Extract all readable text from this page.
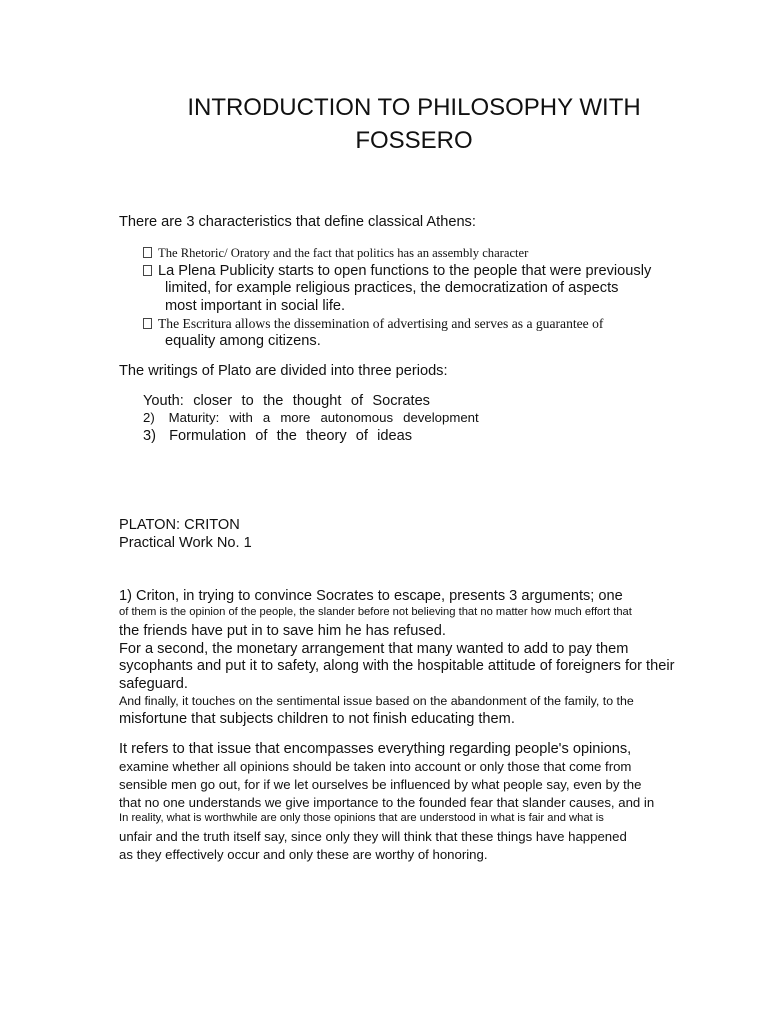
INTRODUCTION TO PHILOSOPHY WITH
FOSSERO
There are 3 characteristics that define classical Athens:
The Rhetoric/ Oratory and the fact that politics has an assembly character
La Plena Publicity starts to open functions to the people that were previously
limited, for example religious practices, the democratization of aspects
most important in social life.
The Escritura allows the dissemination of advertising and serves as a guarantee of
equality among citizens.
The writings of Plato are divided into three periods:
Youth: closer to the thought of Socrates
2) Maturity: with a more autonomous development
3) Formulation of the theory of ideas
PLATON: CRITON
Practical Work No. 1
1) Criton, in trying to convince Socrates to escape, presents 3 arguments; one
of them is the opinion of the people, the slander before not believing that no matter how much effort that
the friends have put in to save him he has refused.
For a second, the monetary arrangement that many wanted to add to pay them
sycophants and put it to safety, along with the hospitable attitude of foreigners for their
safeguard.
And finally, it touches on the sentimental issue based on the abandonment of the family, to the
misfortune that subjects children to not finish educating them.
It refers to that issue that encompasses everything regarding people's opinions,
examine whether all opinions should be taken into account or only those that come from
sensible men go out, for if we let ourselves be influenced by what people say, even by the
that no one understands we give importance to the founded fear that slander causes, and in
In reality, what is worthwhile are only those opinions that are understood in what is fair and what is
unfair and the truth itself say, since only they will think that these things have happened
as they effectively occur and only these are worthy of honoring.
